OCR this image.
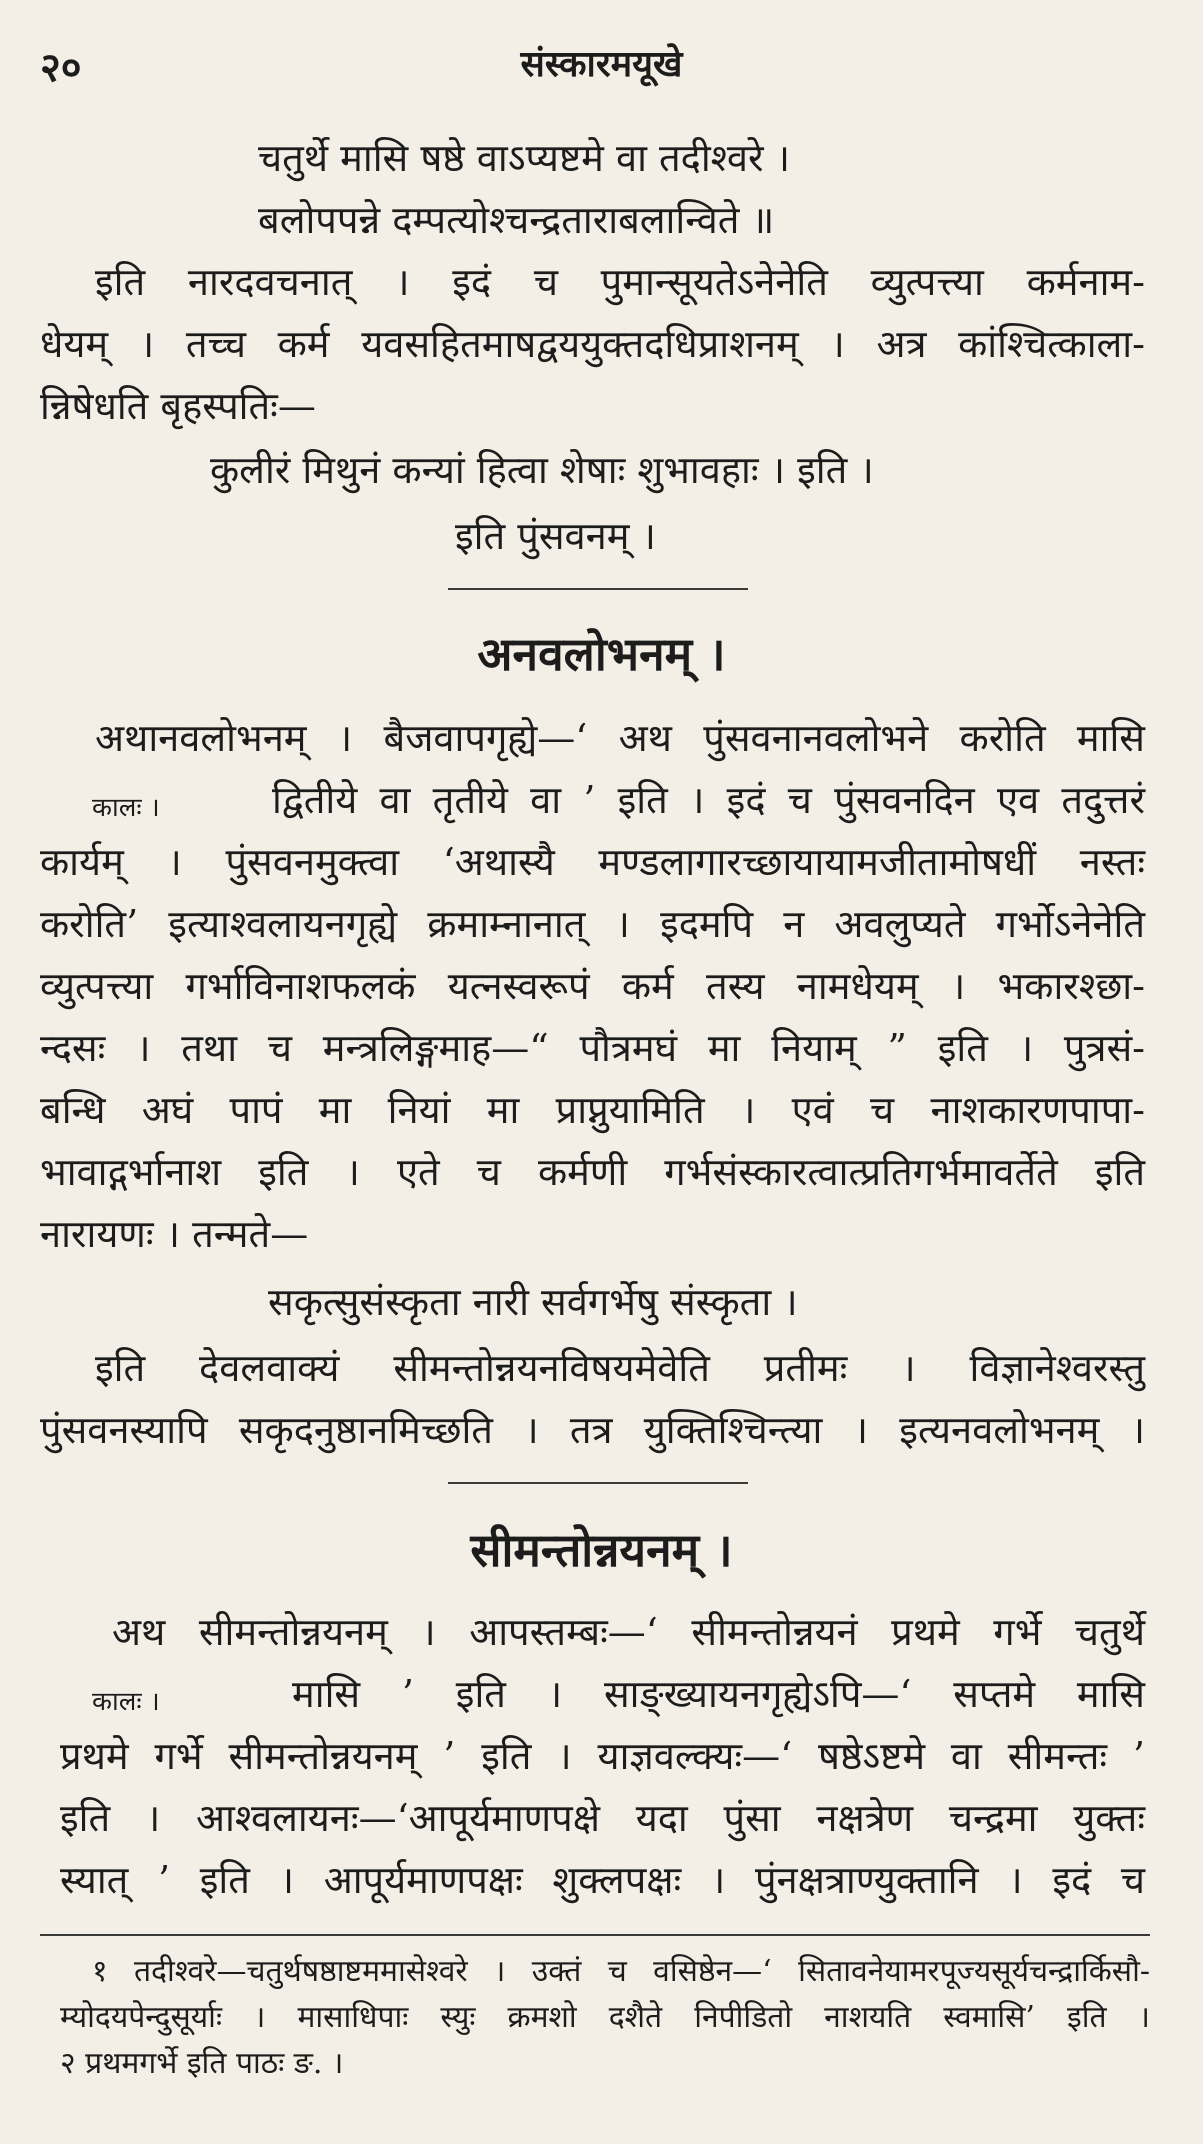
२०	संस्कारमयूखे
चतुर्थे मासि षष्ठे वाऽप्यष्टमे वा तदीश्वरे ।
बलोपपन्ने दम्पत्योश्चन्द्रताराबलान्विते ॥
इति नारदवचनात् । इदं च पुमान्सूयतेऽनेनेति व्युत्पत्त्या कर्मनाम-
धेयम् । तच्च कर्म यवसहितमाषद्वययुक्तदधिप्राशनम् । अत्र कांश्चित्काला-
न्निषेधति बृहस्पतिः—
कुलीरं मिथुनं कन्यां हित्वा शेषाः शुभावहाः । इति ।
इति पुंसवनम् ।
अनवलोभनम् ।
अथानवलोभनम् । बैजवापगृह्ये—‘ अथ पुंसवनानवलोभने करोति मासि
कालः ।	द्वितीये वा तृतीये वा ’ इति । इदं च पुंसवनदिन एव तदुत्तरं
कार्यम् । पुंसवनमुक्त्वा ‘अथास्यै मण्डलागारच्छायायामजीतामोषधीं नस्तः
करोति’ इत्याश्वलायनगृह्ये क्रमाम्नानात् । इदमपि न अवलुप्यते गर्भोऽनेनेति
व्युत्पत्त्या गर्भाविनाशफलकं यत्नस्वरूपं कर्म तस्य नामधेयम् । भकारश्छा-
न्दसः । तथा च मन्त्रलिङ्गमाह—“ पौत्रमघं मा नियाम् ” इति । पुत्रसं-
बन्धि अघं पापं मा नियां मा प्राप्नुयामिति । एवं च नाशकारणपापा-
भावाद्गर्भानाश इति । एते च कर्मणी गर्भसंस्कारत्वात्प्रतिगर्भमावर्तेते इति
नारायणः । तन्मते—
सकृत्सुसंस्कृता नारी सर्वगर्भेषु संस्कृता ।
इति देवलवाक्यं सीमन्तोन्नयनविषयमेवेति प्रतीमः । विज्ञानेश्वरस्तु
पुंसवनस्यापि सकृदनुष्ठानमिच्छति । तत्र युक्तिश्चिन्त्या । इत्यनवलोभनम् ।
सीमन्तोन्नयनम् ।
अथ सीमन्तोन्नयनम् । आपस्तम्बः—‘ सीमन्तोन्नयनं प्रथमे गर्भे चतुर्थे
कालः ।	मासि ’ इति । साङ्ख्यायनगृह्येऽपि—‘ सप्तमे मासि
प्रथमे गर्भे सीमन्तोन्नयनम् ’ इति । याज्ञवल्क्यः—‘ षष्ठेऽष्टमे वा सीमन्तः ’
इति । आश्वलायनः—‘आपूर्यमाणपक्षे यदा पुंसा नक्षत्रेण चन्द्रमा युक्तः
स्यात् ’ इति । आपूर्यमाणपक्षः शुक्लपक्षः । पुंनक्षत्राण्युक्तानि । इदं च
१ तदीश्वरे—चतुर्थषष्ठाष्टममासेश्वरे । उक्तं च वसिष्ठेन—‘ सितावनेयामरपूज्यसूर्यचन्द्रार्किसौ-
म्योदयपेन्दुसूर्याः । मासाधिपाः स्युः क्रमशो दशैते निपीडितो नाशयति स्वमासि’ इति ।
२ प्रथमगर्भे इति पाठः ङ. ।
